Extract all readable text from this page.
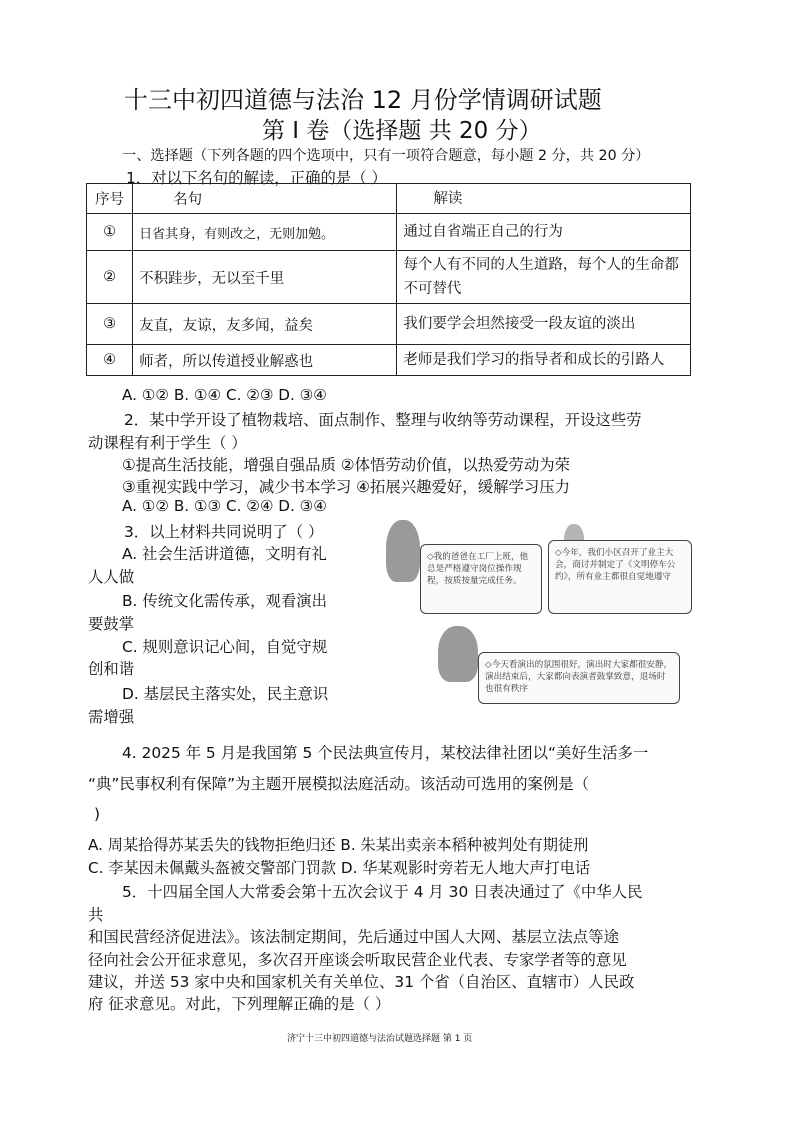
十三中初四道德与法治 12 月份学情调研试题
第 I 卷（选择题 共 20 分）
一、选择题（下列各题的四个选项中，只有一项符合题意，每小题 2 分，共 20 分）
1．对以下名句的解读，正确的是（ ）
序号	名句	解读
①	日省其身，有则改之，无则加勉。	通过自省端正自己的行为
②	不积跬步，无以至千里	每个人有不同的人生道路，每个人的生命都不可替代
③	友直，友谅，友多闻，益矣	我们要学会坦然接受一段友谊的淡出
④	师者，所以传道授业解惑也	老师是我们学习的指导者和成长的引路人
A. ①② B. ①④ C. ②③ D. ③④
2．某中学开设了植物栽培、面点制作、整理与收纳等劳动课程，开设这些劳
动课程有利于学生（ ）
①提高生活技能，增强自强品质 ②体悟劳动价值，以热爱劳动为荣
③重视实践中学习，减少书本学习 ④拓展兴趣爱好，缓解学习压力
A. ①② B. ①③ C. ②④ D. ③④
3．以上材料共同说明了（ ）
A. 社会生活讲道德，文明有礼
人人做
B. 传统文化需传承，观看演出
要鼓掌
C. 规则意识记心间，自觉守规
创和谐
D. 基层民主落实处，民主意识
需增强
◇我的爸爸在工厂上班，他总是严格遵守岗位操作规程，按质按量完成任务。
◇今年，我们小区召开了业主大会，商讨并制定了《文明停车公约》，所有业主都很自觉地遵守
◇今天看演出的氛围很好，演出时大家都很安静，演出结束后，大家都向表演者鼓掌致意，退场时也很有秩序
4. 2025 年 5 月是我国第 5 个民法典宣传月，某校法律社团以“美好生活多一
“典”民事权利有保障”为主题开展模拟法庭活动。该活动可选用的案例是（
)
A. 周某拾得苏某丢失的钱物拒绝归还 B. 朱某出卖亲本稻种被判处有期徒刑
C. 李某因未佩戴头盔被交警部门罚款 D. 华某观影时旁若无人地大声打电话
5．十四届全国人大常委会第十五次会议于 4 月 30 日表决通过了《中华人民
共
和国民营经济促进法》。该法制定期间，先后通过中国人大网、基层立法点等途
径向社会公开征求意见，多次召开座谈会听取民营企业代表、专家学者等的意见
建议，并送 53 家中央和国家机关有关单位、31 个省（自治区、直辖市）人民政
府 征求意见。对此，下列理解正确的是（ ）
济宁十三中初四道德与法治试题选择题 第 1 页
